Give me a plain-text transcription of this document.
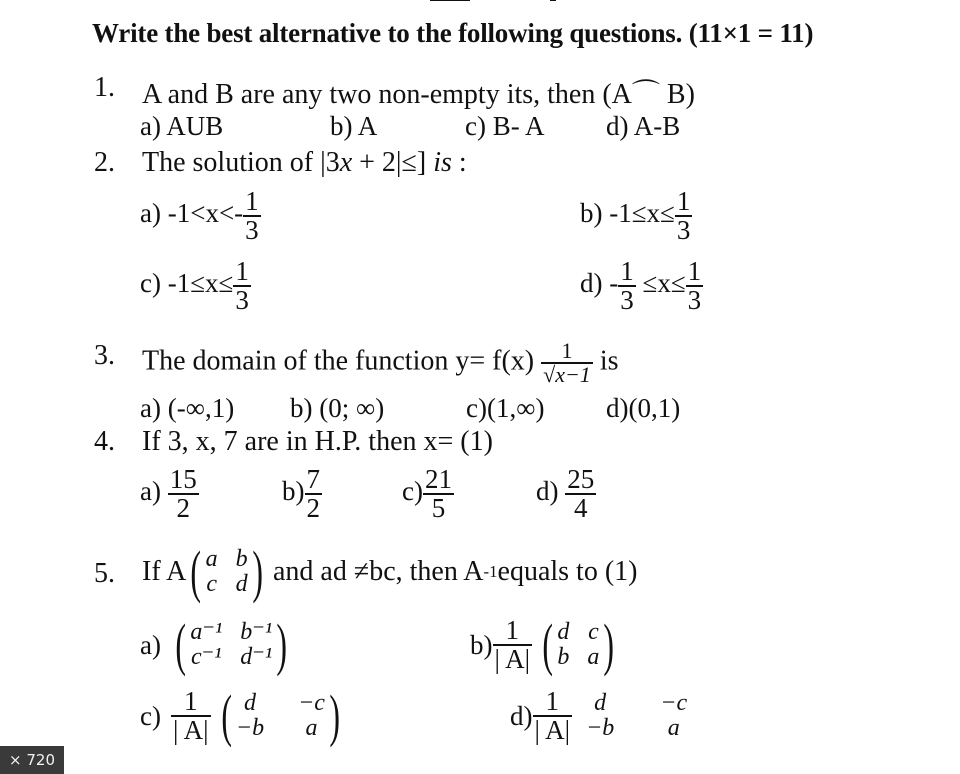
Write the best alternative to the following questions. (11×1 = 11)
1. A and B are any two non-empty its, then (A⌒ B)
a) AUB	b) A	c) B- A d) A-B
2. The solution of |3x + 2|≤] is :
a) $-1<x<- \frac{1}{3}$	b) $-1\le x\le \frac{1}{3}$
c) $-1\le x\le \frac{1}{3}$	$d) - \frac{1}{3} \le x\le \frac{1}{3}$
3. The domain of the function $y= f(x) \frac{1}{√x-1}$ is
a) (-∞,1) b) (0; ∞)	c)(1,∞) d)(0,1)
4. If 3, x, 7 are in H.P. then x= (1)
$a) \frac{15}{2}$	$b) \frac{7}{2}$	$c) \frac{21}{5}$	$d) \frac{25}{4}$
5. If A ( a b
c d ) and ad ≠bc, then A -1 equals to (1)
a) ( a⁻¹ b⁻¹
c⁻¹ d⁻¹ )	$b) \frac{1}{| A|}$ ( d c
b a )
$c) \frac{1}{| A|}$ ( d	−c
−b	a )	$d) \frac{1}{| A|}$ d	−c
−b	a
× 720
